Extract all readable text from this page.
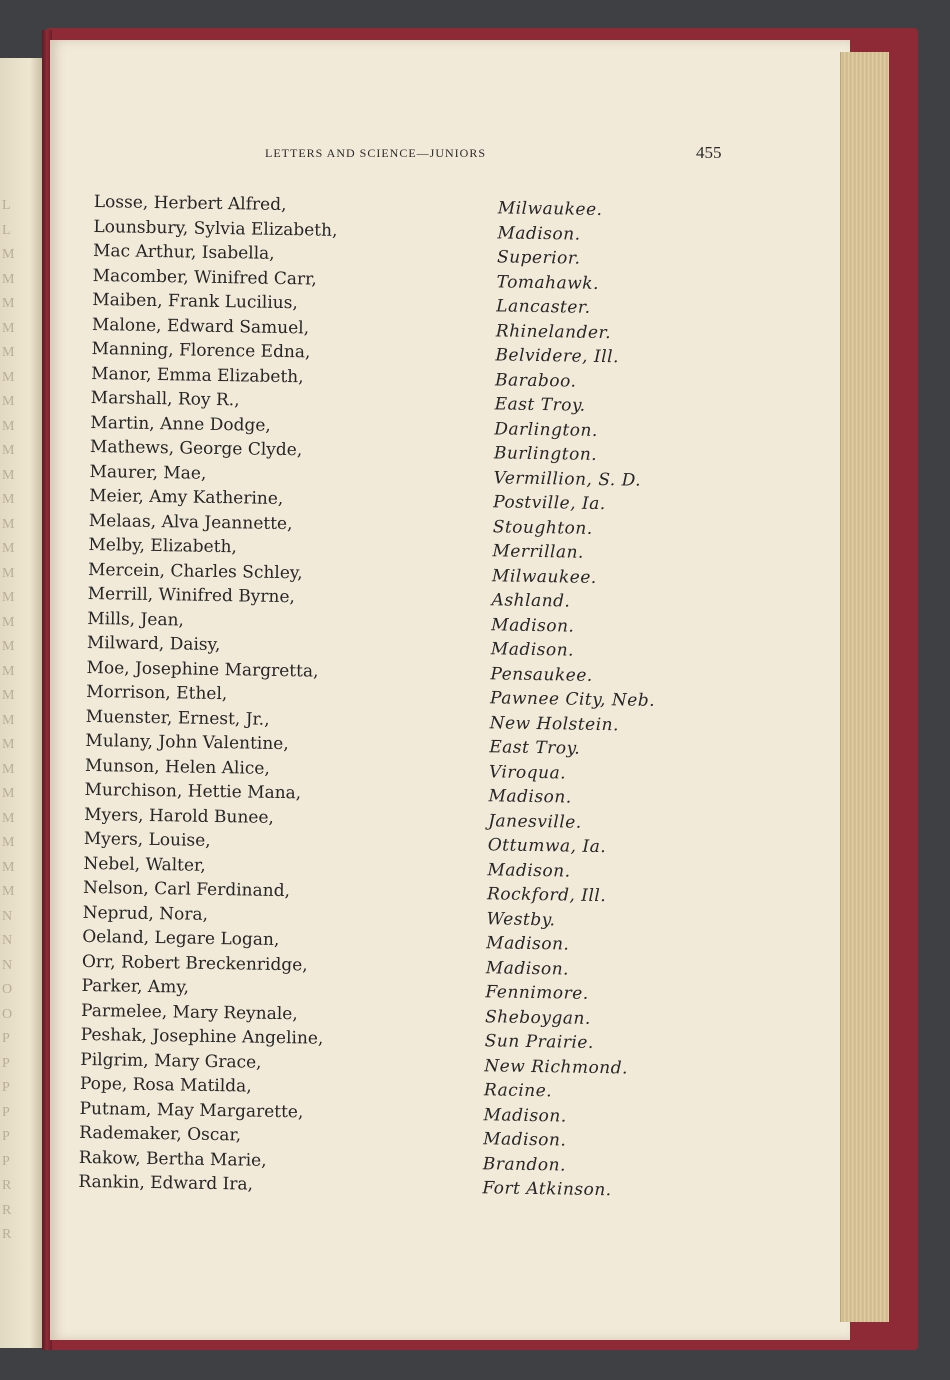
L
L
M
M
M
M
M
M
M
M
M
M
M
M
M
M
M
M
M
M
M
M
M
M
M
M
M
M
M
N
N
N
O
O
P
P
P
P
P
P
R
R
R
LETTERS AND SCIENCE—JUNIORS	455
Losse, Herbert Alfred,	Milwaukee.
Lounsbury, Sylvia Elizabeth,	Madison.
Mac Arthur, Isabella,	Superior.
Macomber, Winifred Carr,	Tomahawk.
Maiben, Frank Lucilius,	Lancaster.
Malone, Edward Samuel,	Rhinelander.
Manning, Florence Edna,	Belvidere, Ill.
Manor, Emma Elizabeth,	Baraboo.
Marshall, Roy R.,	East Troy.
Martin, Anne Dodge,	Darlington.
Mathews, George Clyde,	Burlington.
Maurer, Mae,	Vermillion, S. D.
Meier, Amy Katherine,	Postville, Ia.
Melaas, Alva Jeannette,	Stoughton.
Melby, Elizabeth,	Merrillan.
Mercein, Charles Schley,	Milwaukee.
Merrill, Winifred Byrne,	Ashland.
Mills, Jean,	Madison.
Milward, Daisy,	Madison.
Moe, Josephine Margretta,	Pensaukee.
Morrison, Ethel,	Pawnee City, Neb.
Muenster, Ernest, Jr.,	New Holstein.
Mulany, John Valentine,	East Troy.
Munson, Helen Alice,	Viroqua.
Murchison, Hettie Mana,	Madison.
Myers, Harold Bunee,	Janesville.
Myers, Louise,	Ottumwa, Ia.
Nebel, Walter,	Madison.
Nelson, Carl Ferdinand,	Rockford, Ill.
Neprud, Nora,	Westby.
Oeland, Legare Logan,	Madison.
Orr, Robert Breckenridge,	Madison.
Parker, Amy,	Fennimore.
Parmelee, Mary Reynale,	Sheboygan.
Peshak, Josephine Angeline,	Sun Prairie.
Pilgrim, Mary Grace,	New Richmond.
Pope, Rosa Matilda,	Racine.
Putnam, May Margarette,	Madison.
Rademaker, Oscar,	Madison.
Rakow, Bertha Marie,	Brandon.
Rankin, Edward Ira,	Fort Atkinson.
